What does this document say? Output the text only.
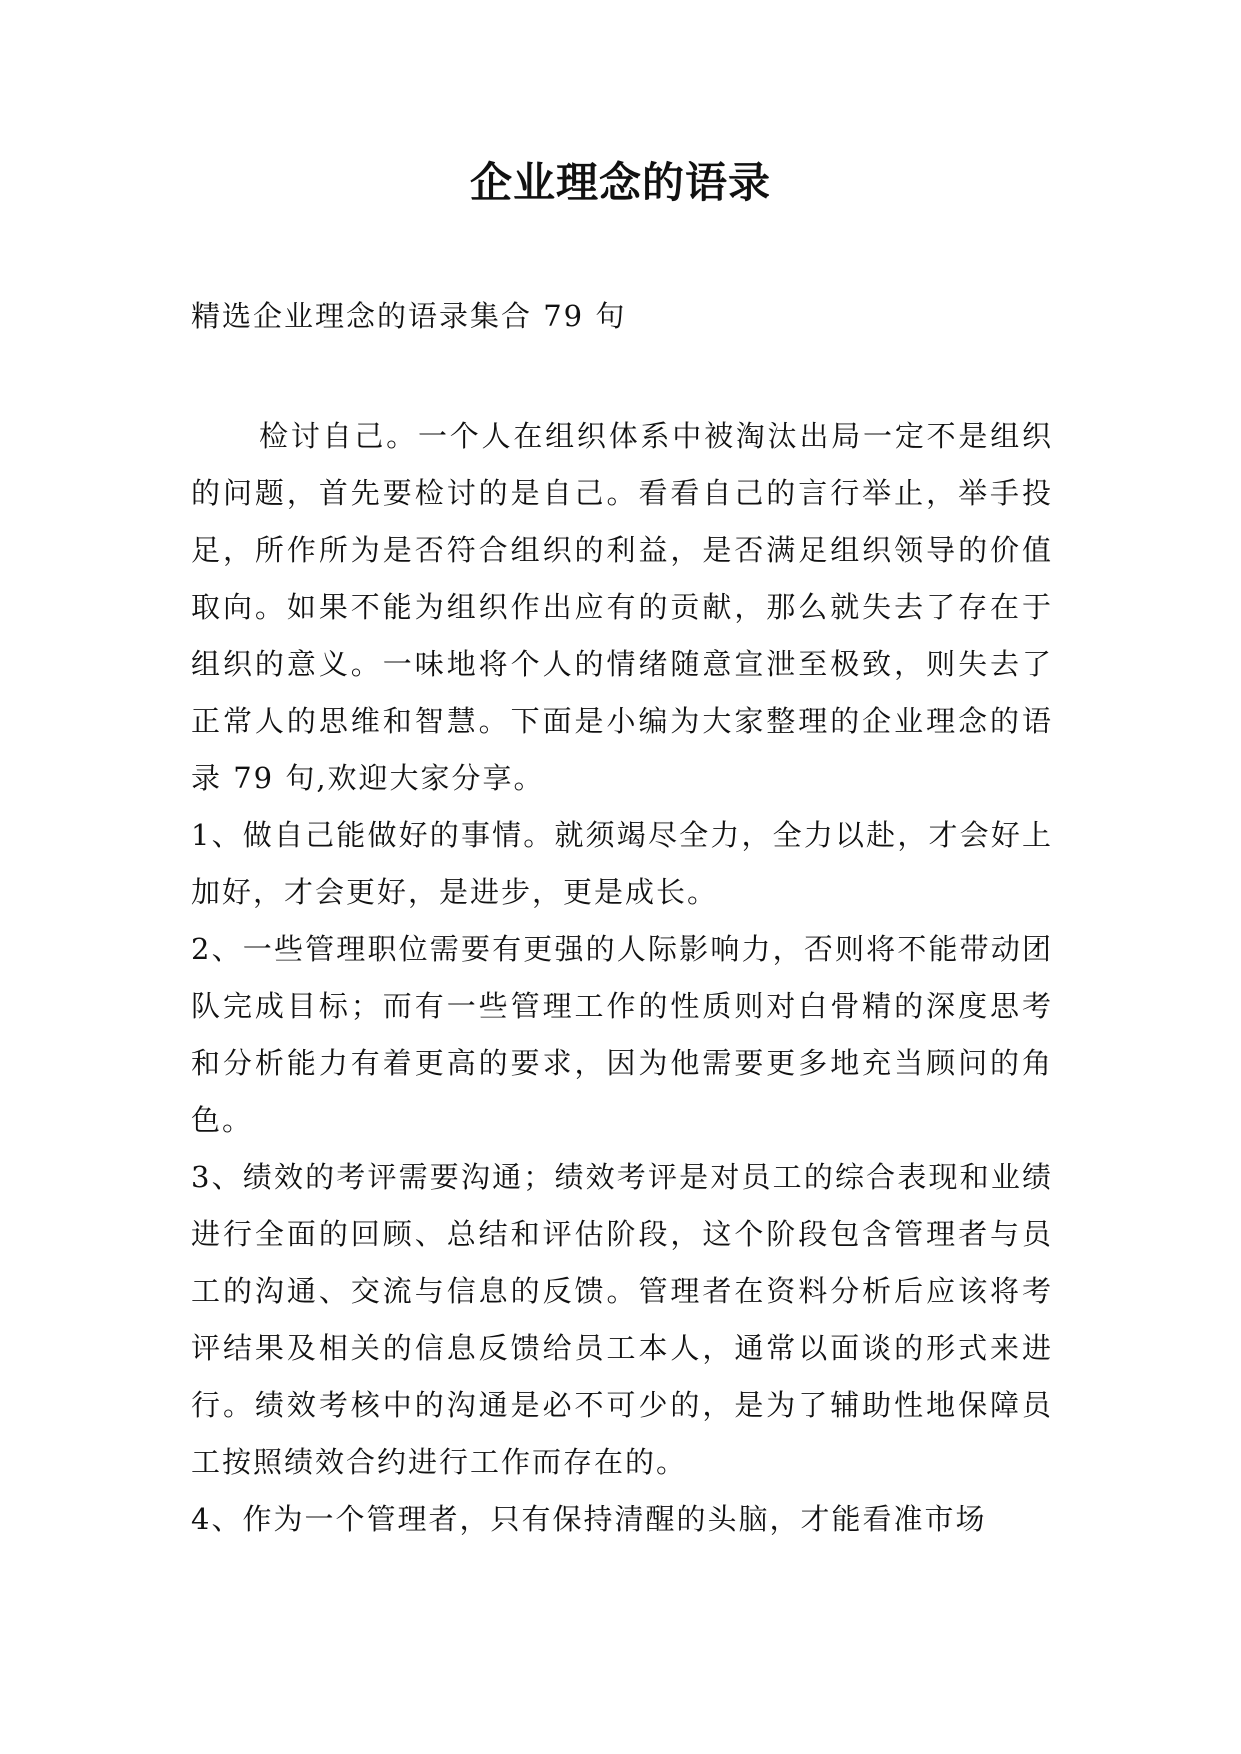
企业理念的语录

精选企业理念的语录集合 79 句

检讨自己。一个人在组织体系中被淘汰出局一定不是组织的问题，首先要检讨的是自己。看看自己的言行举止，举手投足，所作所为是否符合组织的利益，是否满足组织领导的价值取向。如果不能为组织作出应有的贡献，那么就失去了存在于组织的意义。一味地将个人的情绪随意宣泄至极致，则失去了正常人的思维和智慧。下面是小编为大家整理的企业理念的语录 79 句,欢迎大家分享。

1、做自己能做好的事情。就须竭尽全力，全力以赴，才会好上加好，才会更好，是进步，更是成长。

2、一些管理职位需要有更强的人际影响力，否则将不能带动团队完成目标；而有一些管理工作的性质则对白骨精的深度思考和分析能力有着更高的要求，因为他需要更多地充当顾问的角色。

3、绩效的考评需要沟通；绩效考评是对员工的综合表现和业绩进行全面的回顾、总结和评估阶段，这个阶段包含管理者与员工的沟通、交流与信息的反馈。管理者在资料分析后应该将考评结果及相关的信息反馈给员工本人，通常以面谈的形式来进行。绩效考核中的沟通是必不可少的，是为了辅助性地保障员工按照绩效合约进行工作而存在的。

4、作为一个管理者，只有保持清醒的头脑，才能看准市场
